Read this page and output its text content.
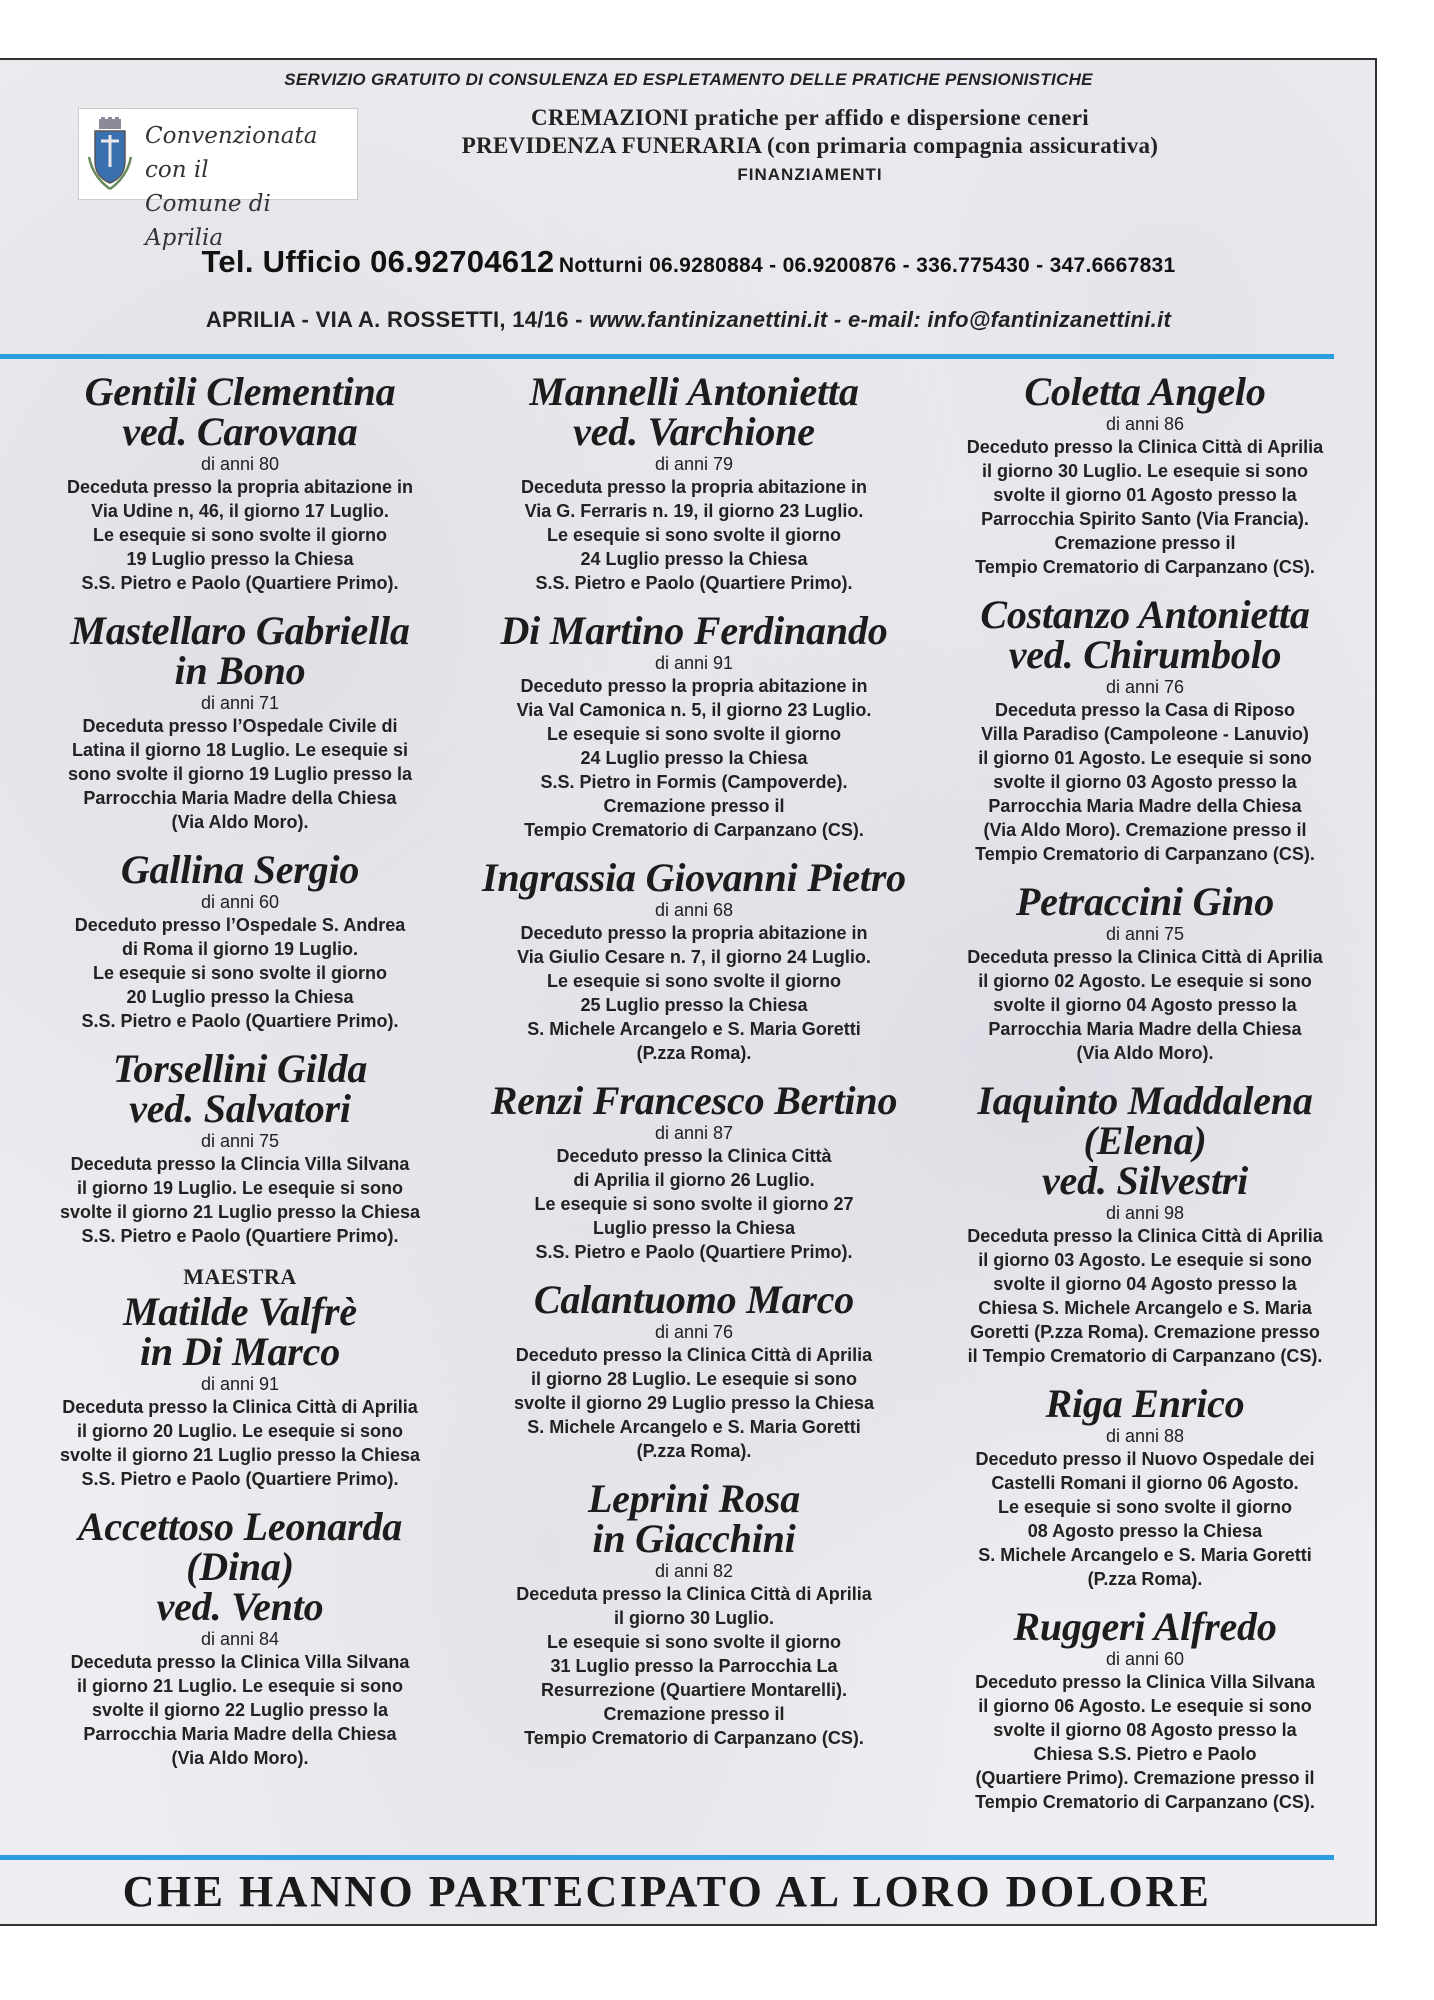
SERVIZIO GRATUITO DI CONSULENZA ED ESPLETAMENTO DELLE PRATICHE PENSIONISTICHE
Convenzionata con il
Comune di Aprilia
CREMAZIONI pratiche per affido e dispersione ceneri
PREVIDENZA FUNERARIA (con primaria compagnia assicurativa)
FINANZIAMENTI
Tel. Ufficio 06.92704612 Notturni 06.9280884 - 06.9200876 - 336.775430 - 347.6667831
APRILIA - VIA A. ROSSETTI, 14/16 - www.fantinizanettini.it - e-mail: info@fantinizanettini.it
Gentili Clementina
ved. Carovana
di anni 80
Deceduta presso la propria abitazione in
Via Udine n, 46, il giorno 17 Luglio.
Le esequie si sono svolte il giorno
19 Luglio presso la Chiesa
S.S. Pietro e Paolo (Quartiere Primo).
Mastellaro Gabriella
in Bono
di anni 71
Deceduta presso l’Ospedale Civile di
Latina il giorno 18 Luglio. Le esequie si
sono svolte il giorno 19 Luglio presso la
Parrocchia Maria Madre della Chiesa
(Via Aldo Moro).
Gallina Sergio
di anni 60
Deceduto presso l’Ospedale S. Andrea
di Roma il giorno 19 Luglio.
Le esequie si sono svolte il giorno
20 Luglio presso la Chiesa
S.S. Pietro e Paolo (Quartiere Primo).
Torsellini Gilda
ved. Salvatori
di anni 75
Deceduta presso la Clincia Villa Silvana
il giorno 19 Luglio. Le esequie si sono
svolte il giorno 21 Luglio presso la Chiesa
S.S. Pietro e Paolo (Quartiere Primo).
MAESTRA
Matilde Valfrè
in Di Marco
di anni 91
Deceduta presso la Clinica Città di Aprilia
il giorno 20 Luglio. Le esequie si sono
svolte il giorno 21 Luglio presso la Chiesa
S.S. Pietro e Paolo (Quartiere Primo).
Accettoso Leonarda (Dina)
ved. Vento
di anni 84
Deceduta presso la Clinica Villa Silvana
il giorno 21 Luglio. Le esequie si sono
svolte il giorno 22 Luglio presso la
Parrocchia Maria Madre della Chiesa
(Via Aldo Moro).
Mannelli Antonietta
ved. Varchione
di anni 79
Deceduta presso la propria abitazione in
Via G. Ferraris n. 19, il giorno 23 Luglio.
Le esequie si sono svolte il giorno
24 Luglio presso la Chiesa
S.S. Pietro e Paolo (Quartiere Primo).
Di Martino Ferdinando
di anni 91
Deceduto presso la propria abitazione in
Via Val Camonica n. 5, il giorno 23 Luglio.
Le esequie si sono svolte il giorno
24 Luglio presso la Chiesa
S.S. Pietro in Formis (Campoverde).
Cremazione presso il
Tempio Crematorio di Carpanzano (CS).
Ingrassia Giovanni Pietro
di anni 68
Deceduto presso la propria abitazione in
Via Giulio Cesare n. 7, il giorno 24 Luglio.
Le esequie si sono svolte il giorno
25 Luglio presso la Chiesa
S. Michele Arcangelo e S. Maria Goretti
(P.zza Roma).
Renzi Francesco Bertino
di anni 87
Deceduto presso la Clinica Città
di Aprilia il giorno 26 Luglio.
Le esequie si sono svolte il giorno 27
Luglio presso la Chiesa
S.S. Pietro e Paolo (Quartiere Primo).
Calantuomo Marco
di anni 76
Deceduto presso la Clinica Città di Aprilia
il giorno 28 Luglio. Le esequie si sono
svolte il giorno 29 Luglio presso la Chiesa
S. Michele Arcangelo e S. Maria Goretti
(P.zza Roma).
Leprini Rosa
in Giacchini
di anni 82
Deceduta presso la Clinica Città di Aprilia
il giorno 30 Luglio.
Le esequie si sono svolte il giorno
31 Luglio presso la Parrocchia La
Resurrezione (Quartiere Montarelli).
Cremazione presso il
Tempio Crematorio di Carpanzano (CS).
Coletta Angelo
di anni 86
Deceduto presso la Clinica Città di Aprilia
il giorno 30 Luglio. Le esequie si sono
svolte il giorno 01 Agosto presso la
Parrocchia Spirito Santo (Via Francia).
Cremazione presso il
Tempio Crematorio di Carpanzano (CS).
Costanzo Antonietta
ved. Chirumbolo
di anni 76
Deceduta presso la Casa di Riposo
Villa Paradiso (Campoleone - Lanuvio)
il giorno 01 Agosto. Le esequie si sono
svolte il giorno 03 Agosto presso la
Parrocchia Maria Madre della Chiesa
(Via Aldo Moro). Cremazione presso il
Tempio Crematorio di Carpanzano (CS).
Petraccini Gino
di anni 75
Deceduta presso la Clinica Città di Aprilia
il giorno 02 Agosto. Le esequie si sono
svolte il giorno 04 Agosto presso la
Parrocchia Maria Madre della Chiesa
(Via Aldo Moro).
Iaquinto Maddalena (Elena)
ved. Silvestri
di anni 98
Deceduta presso la Clinica Città di Aprilia
il giorno 03 Agosto. Le esequie si sono
svolte il giorno 04 Agosto presso la
Chiesa S. Michele Arcangelo e S. Maria
Goretti (P.zza Roma). Cremazione presso
il Tempio Crematorio di Carpanzano (CS).
Riga Enrico
di anni 88
Deceduto presso il Nuovo Ospedale dei
Castelli Romani il giorno 06 Agosto.
Le esequie si sono svolte il giorno
08 Agosto presso la Chiesa
S. Michele Arcangelo e S. Maria Goretti
(P.zza Roma).
Ruggeri Alfredo
di anni 60
Deceduto presso la Clinica Villa Silvana
il giorno 06 Agosto. Le esequie si sono
svolte il giorno 08 Agosto presso la
Chiesa S.S. Pietro e Paolo
(Quartiere Primo). Cremazione presso il
Tempio Crematorio di Carpanzano (CS).
CHE HANNO PARTECIPATO AL LORO DOLORE
